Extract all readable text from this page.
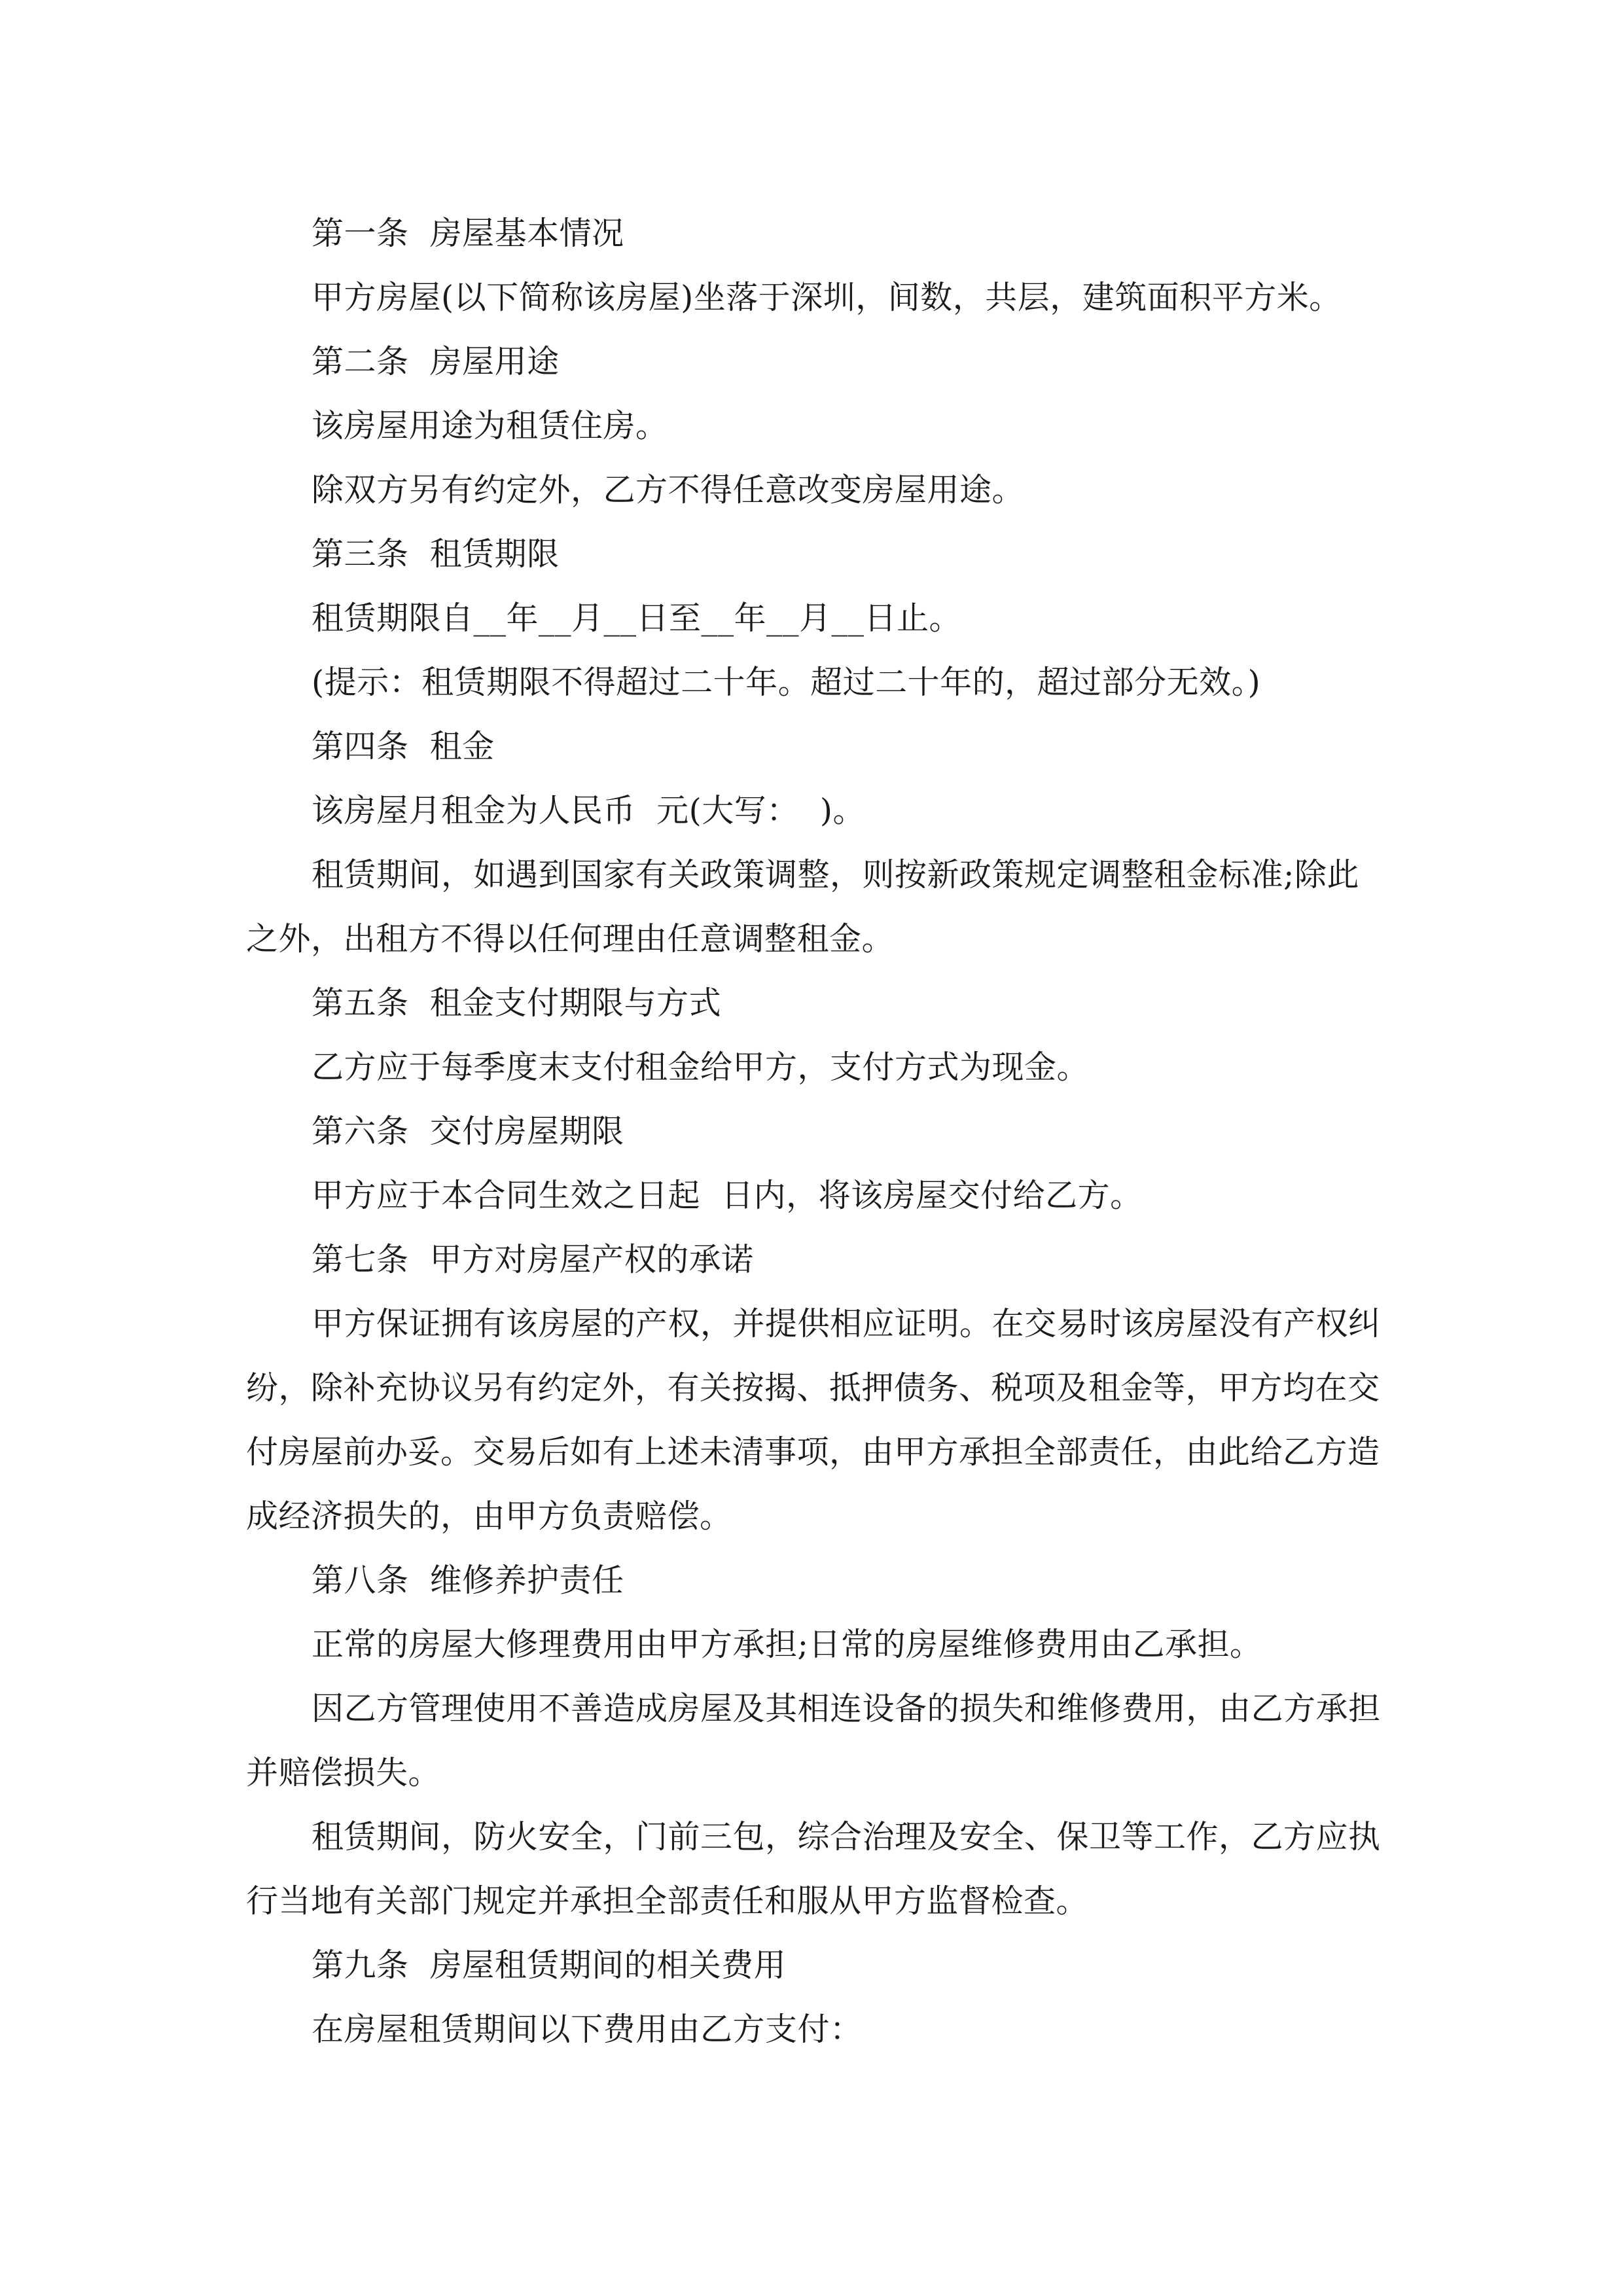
第一条  房屋基本情况
甲方房屋(以下简称该房屋)坐落于深圳，间数，共层，建筑面积平方米。
第二条  房屋用途
该房屋用途为租赁住房。
除双方另有约定外，乙方不得任意改变房屋用途。
第三条  租赁期限
租赁期限自__年__月__日至__年__月__日止。
(提示：租赁期限不得超过二十年。超过二十年的，超过部分无效。)
第四条  租金
该房屋月租金为人民币  元(大写：  )。
租赁期间，如遇到国家有关政策调整，则按新政策规定调整租金标准;除此
之外，出租方不得以任何理由任意调整租金。
第五条  租金支付期限与方式
乙方应于每季度末支付租金给甲方，支付方式为现金。
第六条  交付房屋期限
甲方应于本合同生效之日起  日内，将该房屋交付给乙方。
第七条  甲方对房屋产权的承诺
甲方保证拥有该房屋的产权，并提供相应证明。在交易时该房屋没有产权纠
纷，除补充协议另有约定外，有关按揭、抵押债务、税项及租金等，甲方均在交
付房屋前办妥。交易后如有上述未清事项，由甲方承担全部责任，由此给乙方造
成经济损失的，由甲方负责赔偿。
第八条  维修养护责任
正常的房屋大修理费用由甲方承担;日常的房屋维修费用由乙承担。
因乙方管理使用不善造成房屋及其相连设备的损失和维修费用，由乙方承担
并赔偿损失。
租赁期间，防火安全，门前三包，综合治理及安全、保卫等工作，乙方应执
行当地有关部门规定并承担全部责任和服从甲方监督检查。
第九条  房屋租赁期间的相关费用
在房屋租赁期间以下费用由乙方支付：
